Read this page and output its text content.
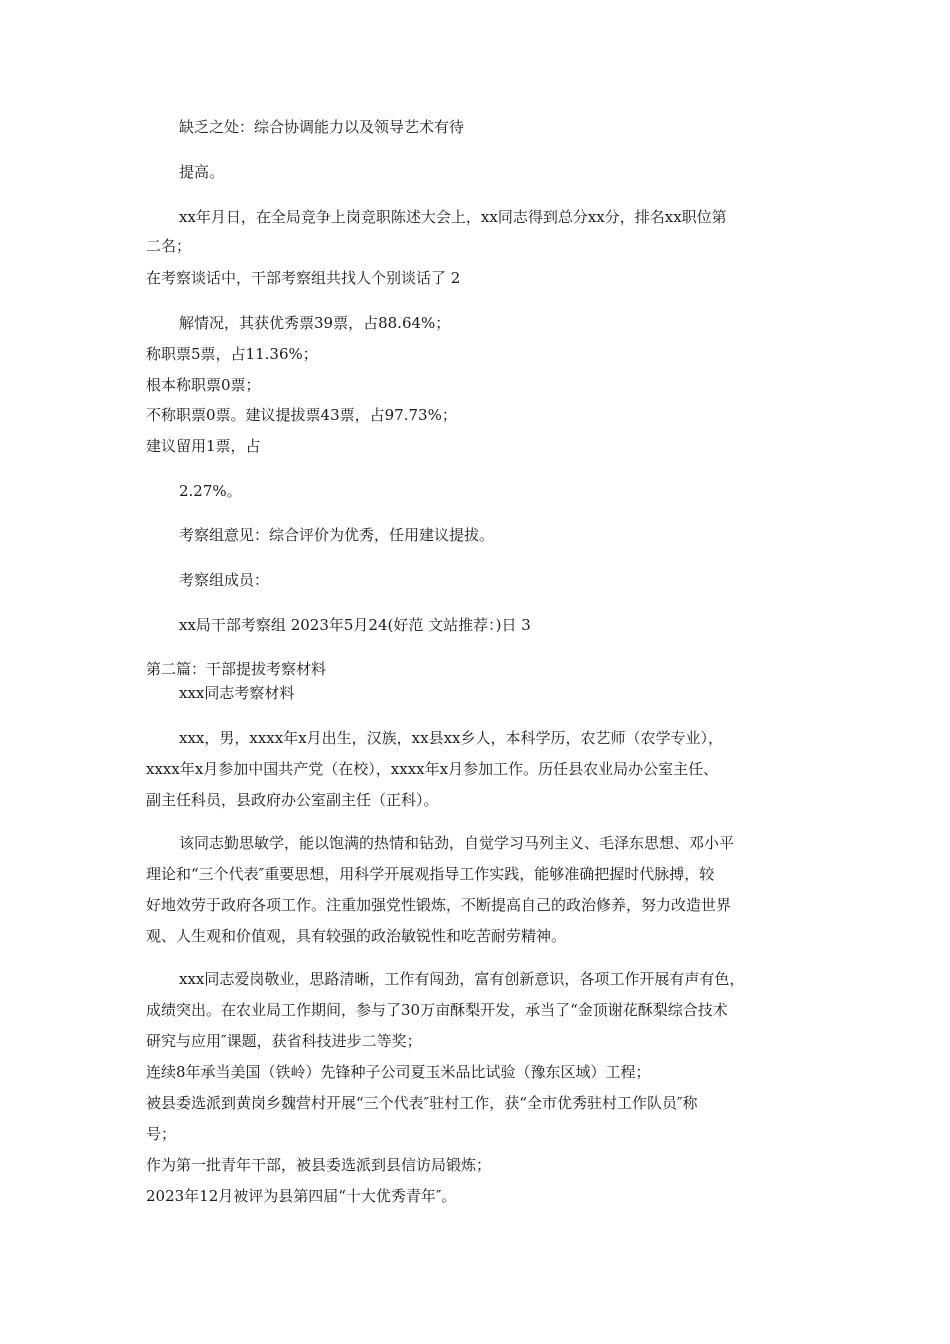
缺乏之处：综合协调能力以及领导艺术有待
提高。
xx年月日，在全局竞争上岗竞职陈述大会上，xx同志得到总分xx分，排名xx职位第
二名；
在考察谈话中，干部考察组共找人个别谈话了 2
解情况，其获优秀票39票，占88.64%；
称职票5票，占11.36%；
根本称职票0票；
不称职票0票。建议提拔票43票，占97.73%；
建议留用1票，占
2.27%。
考察组意见：综合评价为优秀，任用建议提拔。
考察组成员：
xx局干部考察组 2023年5月24(好范 文站推荐：)日 3
第二篇：干部提拔考察材料
xxx同志考察材料
xxx，男，xxxx年x月出生，汉族，xx县xx乡人，本科学历，农艺师（农学专业），
xxxx年x月参加中国共产党（在校），xxxx年x月参加工作。历任县农业局办公室主任、
副主任科员，县政府办公室副主任（正科）。
该同志勤思敏学，能以饱满的热情和钻劲，自觉学习马列主义、毛泽东思想、邓小平
理论和“三个代表″重要思想，用科学开展观指导工作实践，能够准确把握时代脉搏，较
好地效劳于政府各项工作。注重加强党性锻炼，不断提高自己的政治修养，努力改造世界
观、人生观和价值观，具有较强的政治敏锐性和吃苦耐劳精神。
xxx同志爱岗敬业，思路清晰，工作有闯劲，富有创新意识，各项工作开展有声有色，
成绩突出。在农业局工作期间，参与了30万亩酥梨开发，承当了“金顶谢花酥梨综合技术
研究与应用″课题，获省科技进步二等奖；
连续8年承当美国（铁岭）先锋种子公司夏玉米品比试验（豫东区域）工程；
被县委选派到黄岗乡魏营村开展“三个代表″驻村工作，获“全市优秀驻村工作队员″称
号；
作为第一批青年干部，被县委选派到县信访局锻炼；
2023年12月被评为县第四届“十大优秀青年″。
